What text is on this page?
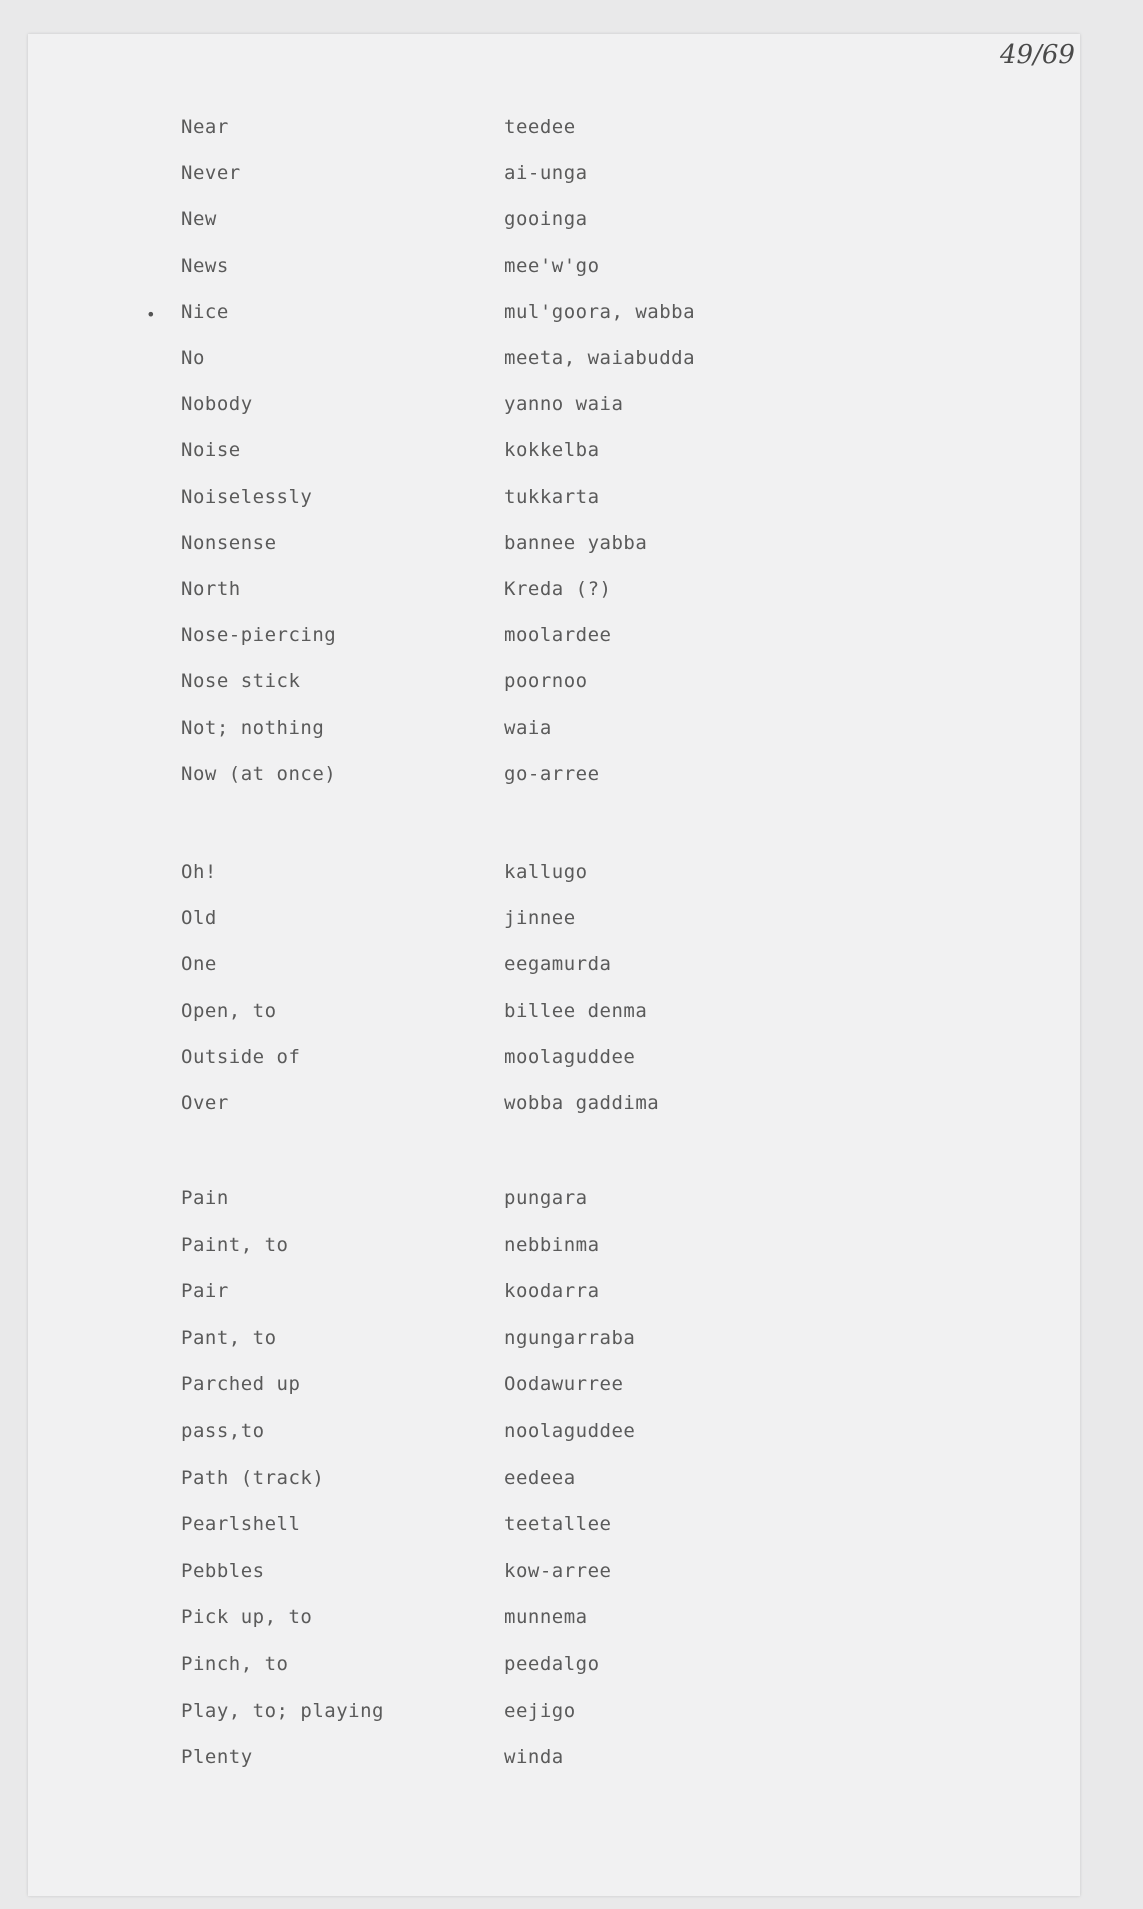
49/69
Near	teedee
Never	ai-unga
New	gooinga
News	mee'w'go
Nice	mul'goora, wabba
No	meeta, waiabudda
Nobody	yanno waia
Noise	kokkelba
Noiselessly	tukkarta
Nonsense	bannee yabba
North	Kreda (?)
Nose-piercing	moolardee
Nose stick	poornoo
Not; nothing	waia
Now (at once)	go-arree
Oh!	kallugo
Old	jinnee
One	eegamurda
Open, to	billee denma
Outside of	moolaguddee
Over	wobba gaddima
Pain	pungara
Paint, to	nebbinma
Pair	koodarra
Pant, to	ngungarraba
Parched up	Oodawurree
pass,to	noolaguddee
Path (track)	eedeea
Pearlshell	teetallee
Pebbles	kow-arree
Pick up, to	munnema
Pinch, to	peedalgo
Play, to; playing	eejigo
Plenty	winda
•
